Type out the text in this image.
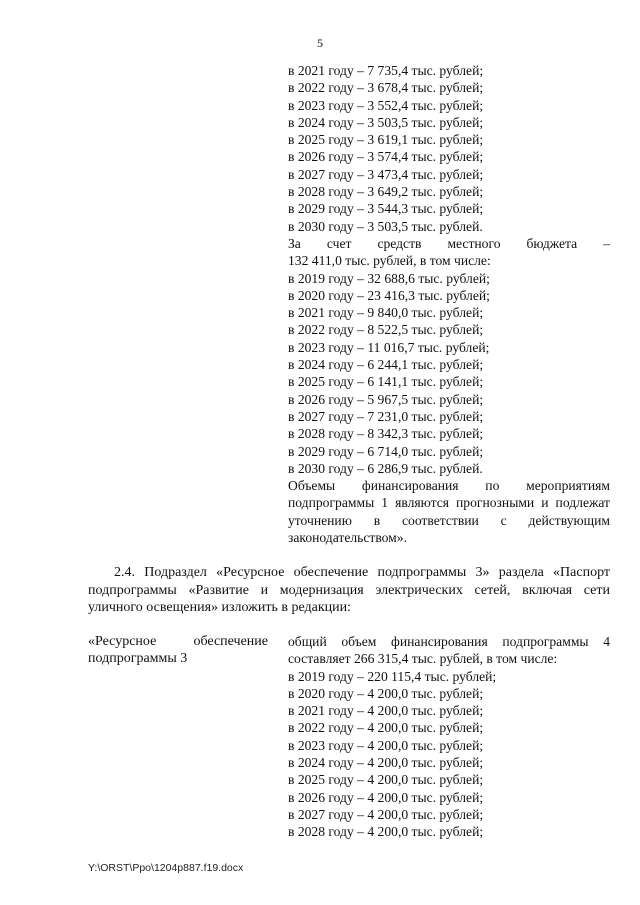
5
в 2021 году – 7 735,4 тыс. рублей;
в 2022 году – 3 678,4 тыс. рублей;
в 2023 году – 3 552,4 тыс. рублей;
в 2024 году – 3 503,5 тыс. рублей;
в 2025 году – 3 619,1 тыс. рублей;
в 2026 году – 3 574,4 тыс. рублей;
в 2027 году – 3 473,4 тыс. рублей;
в 2028 году – 3 649,2 тыс. рублей;
в 2029 году – 3 544,3 тыс. рублей;
в 2030 году – 3 503,5 тыс. рублей.
За счет средств местного бюджета –
132 411,0 тыс. рублей, в том числе:
в 2019 году – 32 688,6 тыс. рублей;
в 2020 году – 23 416,3 тыс. рублей;
в 2021 году – 9 840,0 тыс. рублей;
в 2022 году – 8 522,5 тыс. рублей;
в 2023 году – 11 016,7 тыс. рублей;
в 2024 году – 6 244,1 тыс. рублей;
в 2025 году – 6 141,1 тыс. рублей;
в 2026 году – 5 967,5 тыс. рублей;
в 2027 году – 7 231,0 тыс. рублей;
в 2028 году – 8 342,3 тыс. рублей;
в 2029 году – 6 714,0 тыс. рублей;
в 2030 году – 6 286,9 тыс. рублей.
Объемы финансирования по мероприятиям подпрограммы 1 являются прогнозными и подлежат уточнению в соответствии с действующим законодательством».
2.4. Подраздел «Ресурсное обеспечение подпрограммы 3» раздела «Паспорт подпрограммы «Развитие и модернизация электрических сетей, включая сети уличного освещения» изложить в редакции:
«Ресурсное обеспечение
подпрограммы 3
общий объем финансирования подпрограммы 4
составляет 266 315,4 тыс. рублей, в том числе:
в 2019 году – 220 115,4 тыс. рублей;
в 2020 году – 4 200,0 тыс. рублей;
в 2021 году – 4 200,0 тыс. рублей;
в 2022 году – 4 200,0 тыс. рублей;
в 2023 году – 4 200,0 тыс. рублей;
в 2024 году – 4 200,0 тыс. рублей;
в 2025 году – 4 200,0 тыс. рублей;
в 2026 году – 4 200,0 тыс. рублей;
в 2027 году – 4 200,0 тыс. рублей;
в 2028 году – 4 200,0 тыс. рублей;
Y:\ORST\Ppo\1204p887.f19.docx
